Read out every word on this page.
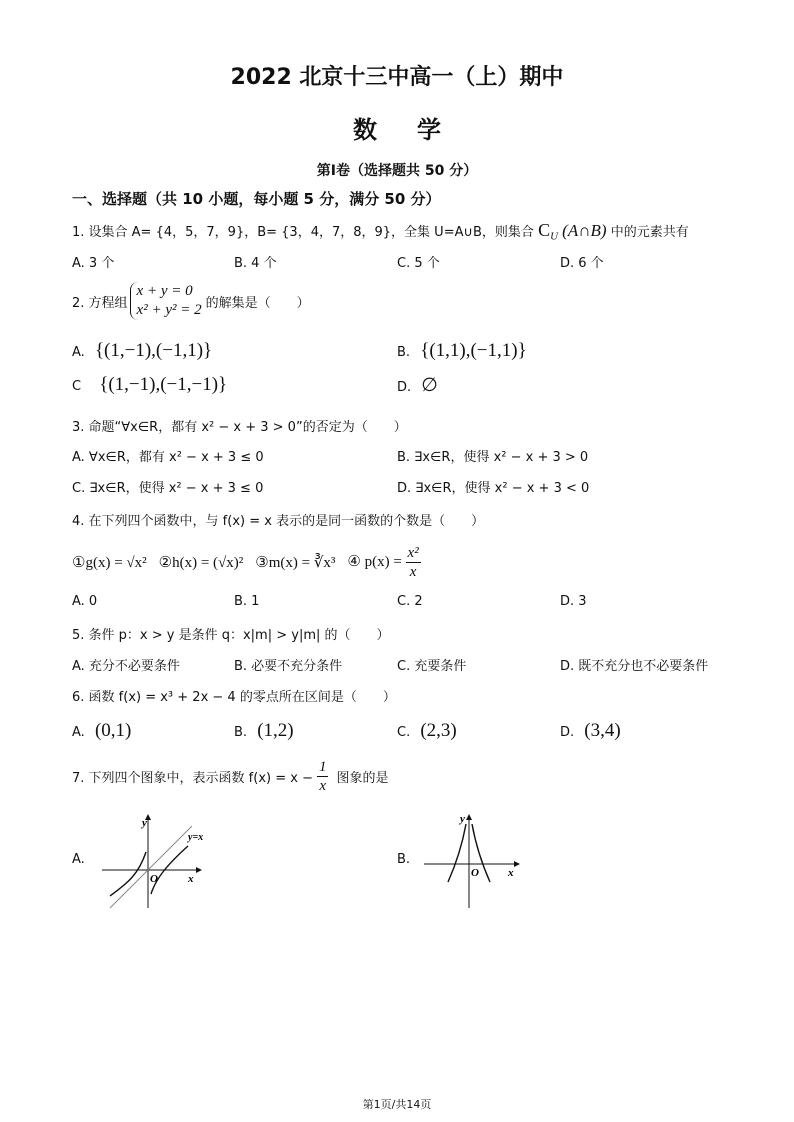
2022 北京十三中高一（上）期中
数学
第Ⅰ卷（选择题共 50 分）
一、选择题（共 10 小题，每小题 5 分，满分 50 分）
1. 设集合 A= {4，5，7，9}，B= {3，4，7，8，9}，全集 U=A∪B，则集合 $C_U$ (A∩B) 中的元素共有
A. 3 个	B. 4 个	C. 5 个	D. 6 个
2. 方程组
x + y = 0
x² + y² = 2 的解集是（　　）
A. {(1,−1),(−1,1)}	B. {(1,1),(−1,1)}
C {(1,−1),(−1,−1)}	D. ∅
3. 命题“∀x∈R，都有 x² − x + 3 > 0”的否定为（　　）
A. ∀x∈R，都有 x² − x + 3 ≤ 0	B. ∃x∈R，使得 x² − x + 3 > 0
C. ∃x∈R，使得 x² − x + 3 ≤ 0	D. ∃x∈R，使得 x² − x + 3 < 0
4. 在下列四个函数中，与 f(x) = x 表示的是同一函数的个数是（　　）
①g(x) = √x² ②h(x) = (√x)² ③m(x) = ∛x³ ④ $p(x) = \frac{\text{x²}}{x}$
A. 0	B. 1	C. 2	D. 3
5. 条件 p：x > y 是条件 q：x|m| > y|m| 的（　　）
A. 充分不必要条件	B. 必要不充分条件	C. 充要条件	D. 既不充分也不必要条件
6. 函数 f(x) = x³ + 2x − 4 的零点所在区间是（　　）
A. (0,1)	B. (1,2)	C. (2,3)	D. (3,4)
7. 下列四个图象中，表示函数 $f(x) = x - \frac{1}{x}$ 图象的是
A.
y
x
O
y=x
B.
y
x
O
第1页/共14页
